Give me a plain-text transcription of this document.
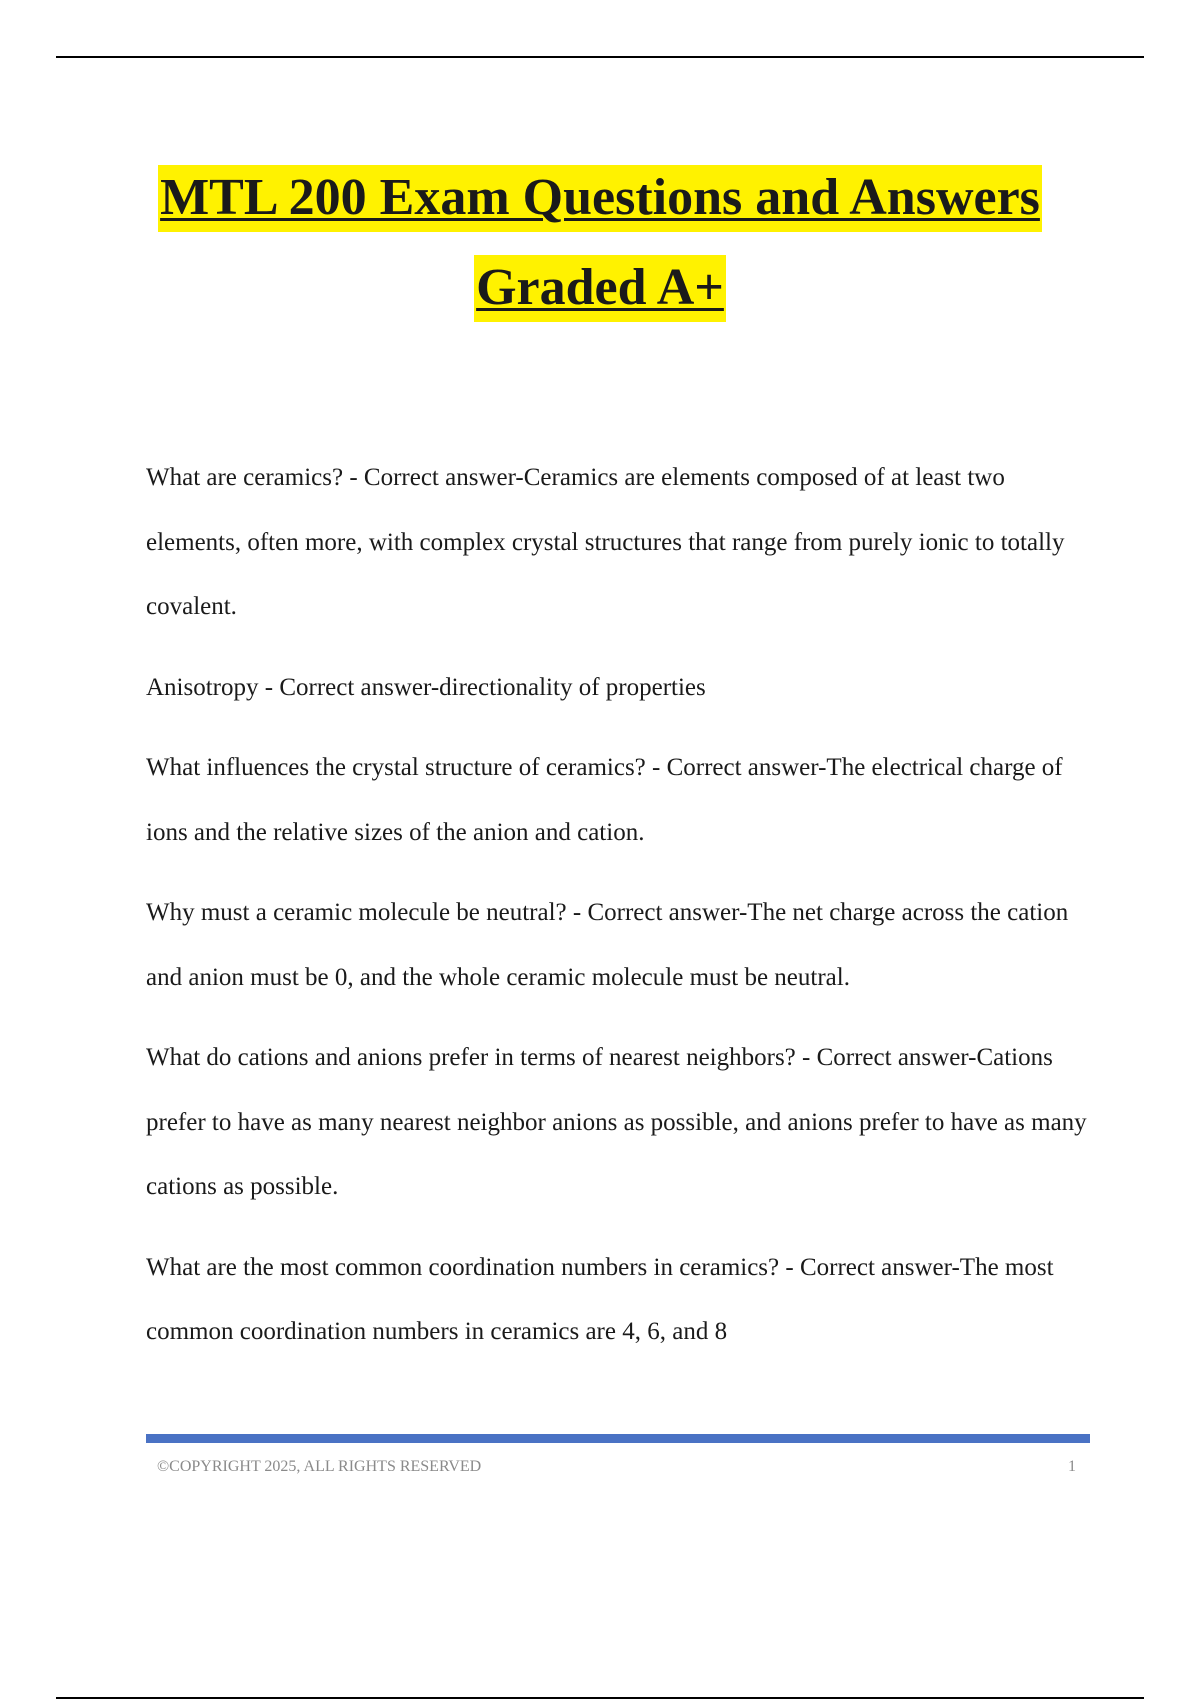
MTL 200 Exam Questions and Answers
Graded A+

What are ceramics? - Correct answer-Ceramics are elements composed of at least two elements, often more, with complex crystal structures that range from purely ionic to totally covalent.

Anisotropy - Correct answer-directionality of properties

What influences the crystal structure of ceramics? - Correct answer-The electrical charge of ions and the relative sizes of the anion and cation.

Why must a ceramic molecule be neutral? - Correct answer-The net charge across the cation and anion must be 0, and the whole ceramic molecule must be neutral.

What do cations and anions prefer in terms of nearest neighbors? - Correct answer-Cations prefer to have as many nearest neighbor anions as possible, and anions prefer to have as many cations as possible.

What are the most common coordination numbers in ceramics? - Correct answer-The most common coordination numbers in ceramics are 4, 6, and 8

©COPYRIGHT 2025, ALL RIGHTS RESERVED	1
